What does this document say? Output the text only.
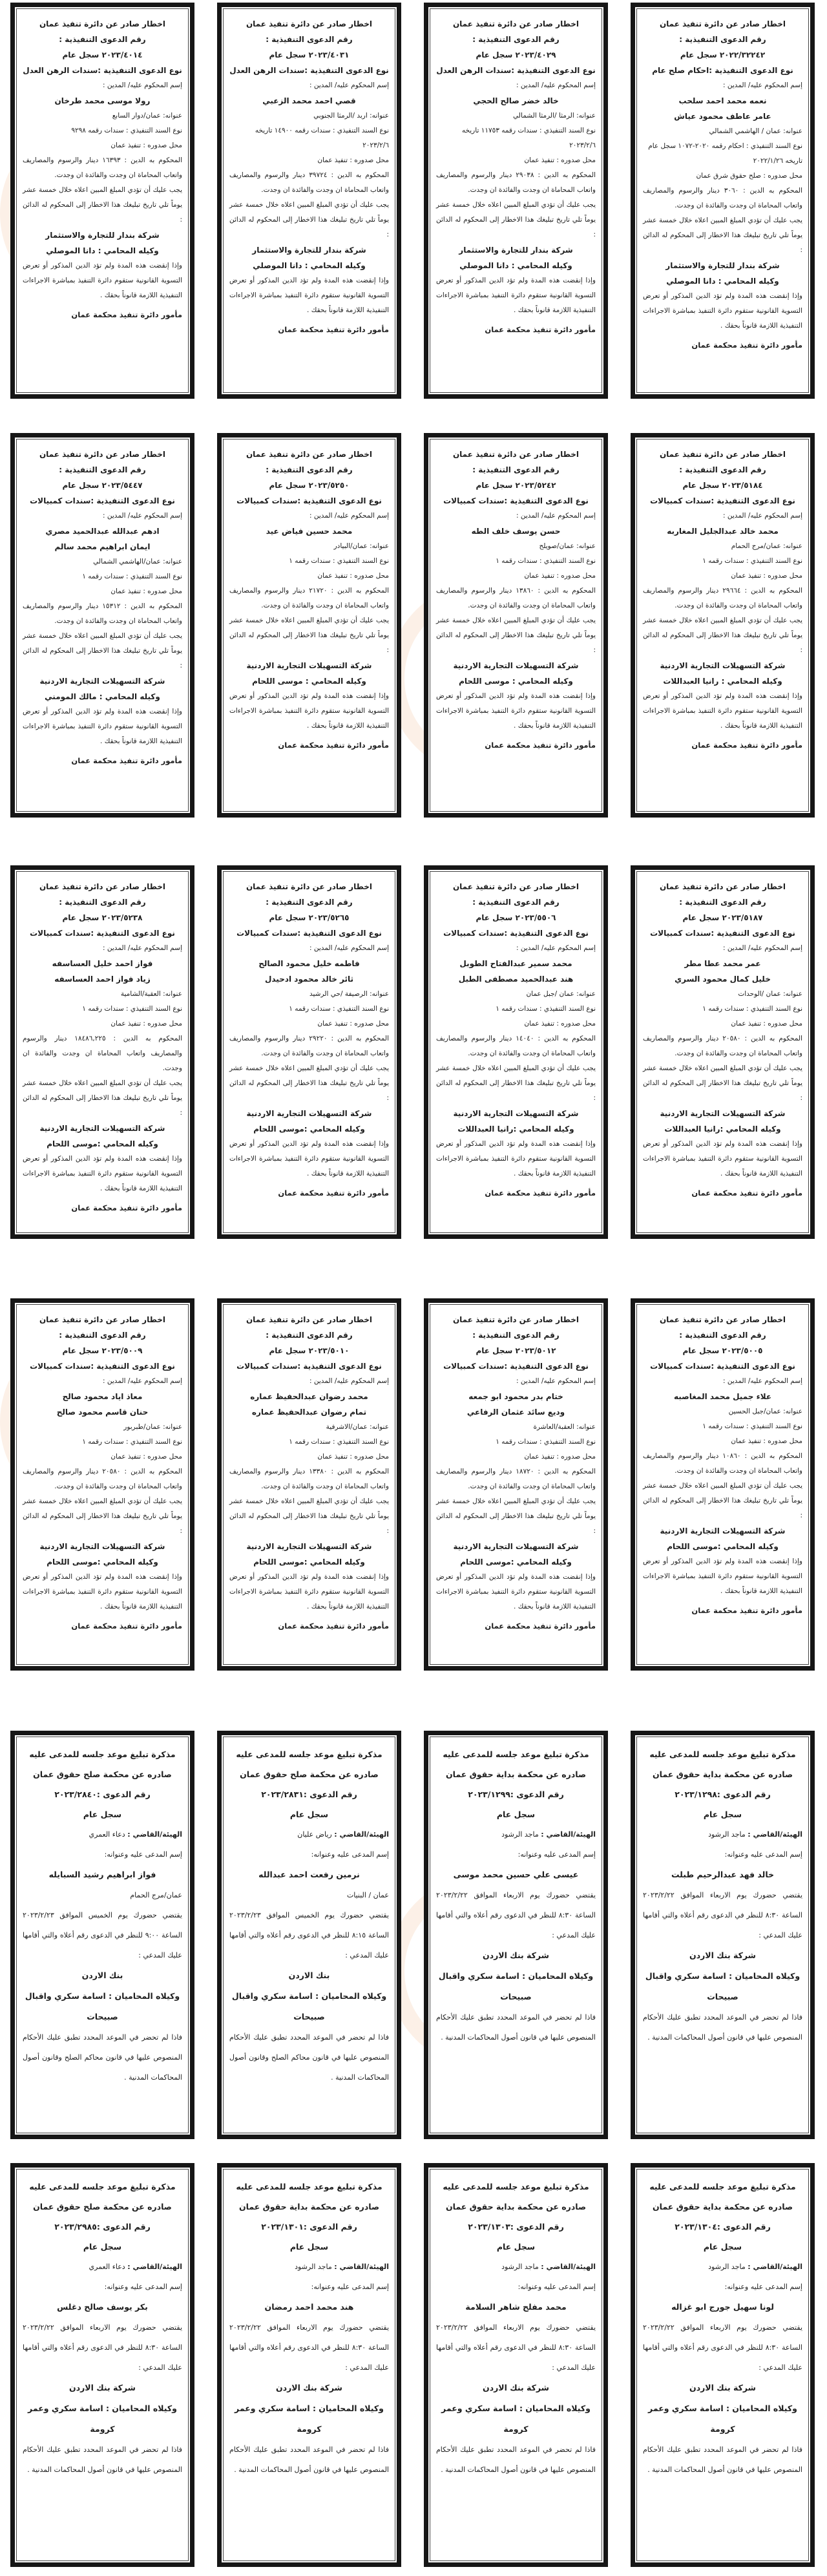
اخطار صادر عن دائرة تنفيذ عمان

رقم الدعوى التنفيذية :

٢٠٢٢/٣٢٢٤٢ سجل عام

نوع الدعوى التنفيذية :احكام صلح عام

إسم المحكوم عليه/ المدين :

نعمه محمد احمد سلحب

عامر عاطف محمود عياش

عنوانه: عمان / الهاشمي الشمالي

نوع السند التنفيذي : احكام رقمه ٢٠٢٠-١٠٧٢ سجل عام تاريخه ٢٠٢٢/١/٢٦

محل صدوره : صلح حقوق شرق عمان

المحكوم به الدين : ٣٠٦٠ دينار والرسوم والمصاريف واتعاب المحاماة ان وجدت والفائدة ان وجدت.

يجب عليك أن تؤدي المبلغ المبين اعلاه خلال خمسة عشر يوماً تلي تاريخ تبليغك هذا الاخطار إلى المحكوم له الدائن :

شركة بندار للتجارة والاستثمار

وكيله المحامي : دانا الموصلي

وإذا إنقضت هذه المدة ولم تؤد الدين المذكور أو تعرض التسوية القانونية ستقوم دائرة التنفيذ بمباشرة الاجراءات التنفيذية اللازمة قانوناً بحقك .

مأمور دائرة تنفيذ محكمة عمان

اخطار صادر عن دائرة تنفيذ عمان

رقم الدعوى التنفيذية :

٢٠٢٣/٤٠٢٩ سجل عام

نوع الدعوى التنفيذية :سندات الرهن العدل

إسم المحكوم عليه/ المدين :

خالد خضر صالح الحجي

عنوانه: الرمثا /الرمثا الشمالي

نوع السند التنفيذي : سندات رقمه ١١٧٥٣ تاريخه ٢٠٢٣/٢/٦

محل صدوره : تنفيذ عمان

المحكوم به الدين : ٢٩٠٣٨ دينار والرسوم والمصاريف واتعاب المحاماة ان وجدت والفائدة ان وجدت.

يجب عليك أن تؤدي المبلغ المبين اعلاه خلال خمسة عشر يوماً تلي تاريخ تبليغك هذا الاخطار إلى المحكوم له الدائن :

شركة بندار للتجارة والاستثمار

وكيله المحامي : دانا الموصلي

وإذا إنقضت هذه المدة ولم تؤد الدين المذكور أو تعرض التسوية القانونية ستقوم دائرة التنفيذ بمباشرة الاجراءات التنفيذية اللازمة قانوناً بحقك .

مأمور دائرة تنفيذ محكمة عمان

اخطار صادر عن دائرة تنفيذ عمان

رقم الدعوى التنفيذية :

٢٠٢٣/٤٠٣١ سجل عام

نوع الدعوى التنفيذية :سندات الرهن العدل

إسم المحكوم عليه/ المدين :

قصي احمد محمد الزعبي

عنوانه: اربد /الرمثا الجنوبي

نوع السند التنفيذي : سندات رقمه ١٤٩٠٠ تاريخه ٢٠٢٣/٢/٦

محل صدوره : تنفيذ عمان

المحكوم به الدين : ٣٩٧٢٤ دينار والرسوم والمصاريف واتعاب المحاماة ان وجدت والفائدة ان وجدت.

يجب عليك أن تؤدي المبلغ المبين اعلاه خلال خمسة عشر يوماً تلي تاريخ تبليغك هذا الاخطار إلى المحكوم له الدائن :

شركة بندار للتجارة والاستثمار

وكيله المحامي : دانا الموصلي

وإذا إنقضت هذه المدة ولم تؤد الدين المذكور أو تعرض التسوية القانونية ستقوم دائرة التنفيذ بمباشرة الاجراءات التنفيذية اللازمة قانوناً بحقك .

مأمور دائرة تنفيذ محكمة عمان

اخطار صادر عن دائرة تنفيذ عمان

رقم الدعوى التنفيذية :

٢٠٢٣/٤٠١٤ سجل عام

نوع الدعوى التنفيذية :سندات الرهن العدل

إسم المحكوم عليه/ المدين :

رولا موسى محمد طرخان

عنوانه: عمان/دوار السابع

نوع السند التنفيذي : سندات رقمه ٩٢٩٨

محل صدوره : تنفيذ عمان

المحكوم به الدين : ١٦٣٩٣ دينار والرسوم والمصاريف واتعاب المحاماة ان وجدت والفائدة ان وجدت.

يجب عليك أن تؤدي المبلغ المبين اعلاه خلال خمسة عشر يوماً تلي تاريخ تبليغك هذا الاخطار إلى المحكوم له الدائن :

شركة بندار للتجارة والاستثمار

وكيله المحامي : دانا الموصلي

وإذا إنقضت هذه المدة ولم تؤد الدين المذكور أو تعرض التسوية القانونية ستقوم دائرة التنفيذ بمباشرة الاجراءات التنفيذية اللازمة قانوناً بحقك .

مأمور دائرة تنفيذ محكمة عمان

اخطار صادر عن دائرة تنفيذ عمان

رقم الدعوى التنفيذية :

٢٠٢٣/٥١٨٤ سجل عام

نوع الدعوى التنفيذية :سندات كمبيالات

إسم المحكوم عليه/ المدين :

محمد خالد عبدالجليل المغاربه

عنوانه: عمان/مرج الحمام

نوع السند التنفيذي : سندات رقمه ١

محل صدوره : تنفيذ عمان

المحكوم به الدين : ٢٩٦٦٤ دينار والرسوم والمصاريف واتعاب المحاماة ان وجدت والفائدة ان وجدت.

يجب عليك أن تؤدي المبلغ المبين اعلاه خلال خمسة عشر يوماً تلي تاريخ تبليغك هذا الاخطار إلى المحكوم له الدائن :

شركة التسهيلات التجارية الاردنية

وكيله المحامي : رانيا العبداللات

وإذا إنقضت هذه المدة ولم تؤد الدين المذكور أو تعرض التسوية القانونية ستقوم دائرة التنفيذ بمباشرة الاجراءات التنفيذية اللازمة قانوناً بحقك .

مأمور دائرة تنفيذ محكمة عمان

اخطار صادر عن دائرة تنفيذ عمان

رقم الدعوى التنفيذية :

٢٠٢٣/٥٢٤٢ سجل عام

نوع الدعوى التنفيذية :سندات كمبيالات

إسم المحكوم عليه/ المدين :

حسن يوسف خلف الطه

عنوانه: عمان/صويلح

نوع السند التنفيذي : سندات رقمه ١

محل صدوره : تنفيذ عمان

المحكوم به الدين : ١٣٨٦٠ دينار والرسوم والمصاريف واتعاب المحاماة ان وجدت والفائدة ان وجدت.

يجب عليك أن تؤدي المبلغ المبين اعلاه خلال خمسة عشر يوماً تلي تاريخ تبليغك هذا الاخطار إلى المحكوم له الدائن :

شركة التسهيلات التجارية الاردنية

وكيله المحامي : موسى اللحام

وإذا إنقضت هذه المدة ولم تؤد الدين المذكور أو تعرض التسوية القانونية ستقوم دائرة التنفيذ بمباشرة الاجراءات التنفيذية اللازمة قانوناً بحقك .

مأمور دائرة تنفيذ محكمة عمان

اخطار صادر عن دائرة تنفيذ عمان

رقم الدعوى التنفيذية :

٢٠٢٣/٥٢٥٠ سجل عام

نوع الدعوى التنفيذية :سندات كمبيالات

إسم المحكوم عليه/ المدين :

محمد حسين فياض عيد

عنوانه: عمان/البيادر

نوع السند التنفيذي : سندات رقمه ١

محل صدوره : تنفيذ عمان

المحكوم به الدين : ٢١٧٢٠ دينار والرسوم والمصاريف واتعاب المحاماة ان وجدت والفائدة ان وجدت.

يجب عليك أن تؤدي المبلغ المبين اعلاه خلال خمسة عشر يوماً تلي تاريخ تبليغك هذا الاخطار إلى المحكوم له الدائن :

شركة التسهيلات التجارية الاردنية

وكيله المحامي : موسى اللحام

وإذا إنقضت هذه المدة ولم تؤد الدين المذكور أو تعرض التسوية القانونية ستقوم دائرة التنفيذ بمباشرة الاجراءات التنفيذية اللازمة قانوناً بحقك .

مأمور دائرة تنفيذ محكمة عمان

اخطار صادر عن دائرة تنفيذ عمان

رقم الدعوى التنفيذية :

٢٠٢٣/٥٤٤٧ سجل عام

نوع الدعوى التنفيذية :سندات كمبيالات

إسم المحكوم عليه/ المدين :

ادهم عبدالله عبدالحميد مصري

ايمان ابراهيم محمد سالم

عنوانه: عمان/الهاشمي الشمالي

نوع السند التنفيذي : سندات رقمه ١

محل صدوره : تنفيذ عمان

المحكوم به الدين : ١٥٣١٢ دينار والرسوم والمصاريف واتعاب المحاماة ان وجدت والفائدة ان وجدت.

يجب عليك أن تؤدي المبلغ المبين اعلاه خلال خمسة عشر يوماً تلي تاريخ تبليغك هذا الاخطار إلى المحكوم له الدائن :

شركة التسهيلات التجارية الاردنية

وكيله المحامي : مالك المومني

وإذا إنقضت هذه المدة ولم تؤد الدين المذكور أو تعرض التسوية القانونية ستقوم دائرة التنفيذ بمباشرة الاجراءات التنفيذية اللازمة قانوناً بحقك .

مأمور دائرة تنفيذ محكمة عمان

اخطار صادر عن دائرة تنفيذ عمان

رقم الدعوى التنفيذية :

٢٠٢٣/٥١٨٧ سجل عام

نوع الدعوى التنفيذية :سندات كمبيالات

إسم المحكوم عليه/ المدين :

عمر محمد عطا مطر

خليل كمال محمود السري

عنوانه: عمان /الوحدات

نوع السند التنفيذي : سندات رقمه ١

محل صدوره : تنفيذ عمان

المحكوم به الدين : ٢٠٥٨٠ دينار والرسوم والمصاريف واتعاب المحاماة ان وجدت والفائدة ان وجدت.

يجب عليك أن تؤدي المبلغ المبين اعلاه خلال خمسة عشر يوماً تلي تاريخ تبليغك هذا الاخطار إلى المحكوم له الدائن :

شركة التسهيلات التجارية الاردنية

وكيله المحامي :رانيا العبداللات

وإذا إنقضت هذه المدة ولم تؤد الدين المذكور أو تعرض التسوية القانونية ستقوم دائرة التنفيذ بمباشرة الاجراءات التنفيذية اللازمة قانوناً بحقك .

مأمور دائرة تنفيذ محكمة عمان

اخطار صادر عن دائرة تنفيذ عمان

رقم الدعوى التنفيذية :

٢٠٢٣/٥٥٠٦ سجل عام

نوع الدعوى التنفيذية :سندات كمبيالات

إسم المحكوم عليه/ المدين :

محمد سمير عبدالفتاح الطوبل

هند عبدالحميد مصطفى الطبل

عنوانه: عمان /جبل عمان

نوع السند التنفيذي : سندات رقمه ١

محل صدوره : تنفيذ عمان

المحكوم به الدين : ١٤٠٤٠ دينار والرسوم والمصاريف واتعاب المحاماة ان وجدت والفائدة ان وجدت.

يجب عليك أن تؤدي المبلغ المبين اعلاه خلال خمسة عشر يوماً تلي تاريخ تبليغك هذا الاخطار إلى المحكوم له الدائن :

شركة التسهيلات التجارية الاردنية

وكيله المحامي :رانيا العبداللات

وإذا إنقضت هذه المدة ولم تؤد الدين المذكور أو تعرض التسوية القانونية ستقوم دائرة التنفيذ بمباشرة الاجراءات التنفيذية اللازمة قانوناً بحقك .

مأمور دائرة تنفيذ محكمة عمان

اخطار صادر عن دائرة تنفيذ عمان

رقم الدعوى التنفيذية :

٢٠٢٣/٥٢٦٥ سجل عام

نوع الدعوى التنفيذية :سندات كمبيالات

إسم المحكوم عليه/ المدين :

فاطمه خليل محمود الصالح

ثائر خالد محمود ادحيدل

عنوانه: الرصيفة /حي الرشيد

نوع السند التنفيذي : سندات رقمه ١

محل صدوره : تنفيذ عمان

المحكوم به الدين : ٢٩٢٢٠ دينار والرسوم والمصاريف واتعاب المحاماة ان وجدت والفائدة ان وجدت.

يجب عليك أن تؤدي المبلغ المبين اعلاه خلال خمسة عشر يوماً تلي تاريخ تبليغك هذا الاخطار إلى المحكوم له الدائن :

شركة التسهيلات التجارية الاردنية

وكيله المحامي :موسى اللحام

وإذا إنقضت هذه المدة ولم تؤد الدين المذكور أو تعرض التسوية القانونية ستقوم دائرة التنفيذ بمباشرة الاجراءات التنفيذية اللازمة قانوناً بحقك .

مأمور دائرة تنفيذ محكمة عمان

اخطار صادر عن دائرة تنفيذ عمان

رقم الدعوى التنفيذية :

٢٠٢٣/٥٢٣٨ سجل عام

نوع الدعوى التنفيذية :سندات كمبيالات

إسم المحكوم عليه/ المدين :

فواز احمد خليل العساسفه

زياد فواز احمد العساسفه

عنوانه: العقبة/الشامية

نوع السند التنفيذي : سندات رقمه ١

محل صدوره : تنفيذ عمان

المحكوم به الدين : ١٨٤٨٦,٢٢٥ دينار والرسوم والمصاريف واتعاب المحاماة ان وجدت والفائدة ان وجدت.

يجب عليك أن تؤدي المبلغ المبين اعلاه خلال خمسة عشر يوماً تلي تاريخ تبليغك هذا الاخطار إلى المحكوم له الدائن :

شركة التسهيلات التجارية الاردنية

وكيله المحامي :موسى اللحام

وإذا إنقضت هذه المدة ولم تؤد الدين المذكور أو تعرض التسوية القانونية ستقوم دائرة التنفيذ بمباشرة الاجراءات التنفيذية اللازمة قانوناً بحقك .

مأمور دائرة تنفيذ محكمة عمان

اخطار صادر عن دائرة تنفيذ عمان

رقم الدعوى التنفيذية :

٢٠٢٣/٥٠٠٥ سجل عام

نوع الدعوى التنفيذية :سندات كمبيالات

إسم المحكوم عليه/ المدين :

علاء جميل محمد المغاصبه

عنوانه: عمان/جبل الحسين

نوع السند التنفيذي : سندات رقمه ١

محل صدوره : تنفيذ عمان

المحكوم به الدين : ١٠٨٦٠ دينار والرسوم والمصاريف واتعاب المحاماة ان وجدت والفائدة ان وجدت.

يجب عليك أن تؤدي المبلغ المبين اعلاه خلال خمسة عشر يوماً تلي تاريخ تبليغك هذا الاخطار إلى المحكوم له الدائن :

شركة التسهيلات التجارية الاردنية

وكيله المحامي :موسى اللحام

وإذا إنقضت هذه المدة ولم تؤد الدين المذكور أو تعرض التسوية القانونية ستقوم دائرة التنفيذ بمباشرة الاجراءات التنفيذية اللازمة قانوناً بحقك .

مأمور دائرة تنفيذ محكمة عمان

اخطار صادر عن دائرة تنفيذ عمان

رقم الدعوى التنفيذية :

٢٠٢٣/٥٠١٢ سجل عام

نوع الدعوى التنفيذية :سندات كمبيالات

إسم المحكوم عليه/ المدين :

ختام بدر محمود ابو جمعه

وديع سائد عثمان الرفاعي

عنوانه: العقبة/العاشرة

نوع السند التنفيذي : سندات رقمه ١

محل صدوره : تنفيذ عمان

المحكوم به الدين : ١٨٧٢٠ دينار والرسوم والمصاريف واتعاب المحاماة ان وجدت والفائدة ان وجدت.

يجب عليك أن تؤدي المبلغ المبين اعلاه خلال خمسة عشر يوماً تلي تاريخ تبليغك هذا الاخطار إلى المحكوم له الدائن :

شركة التسهيلات التجارية الاردنية

وكيله المحامي :موسى اللحام

وإذا إنقضت هذه المدة ولم تؤد الدين المذكور أو تعرض التسوية القانونية ستقوم دائرة التنفيذ بمباشرة الاجراءات التنفيذية اللازمة قانوناً بحقك .

مأمور دائرة تنفيذ محكمة عمان

اخطار صادر عن دائرة تنفيذ عمان

رقم الدعوى التنفيذية :

٢٠٢٣/٥٠١٠ سجل عام

نوع الدعوى التنفيذية :سندات كمبيالات

إسم المحكوم عليه/ المدين :

محمد رضوان عبدالحفيظ عماره

تمام رضوان عبدالحفيظ عماره

عنوانه: عمان/الاشرفية

نوع السند التنفيذي : سندات رقمه ١

محل صدوره : تنفيذ عمان

المحكوم به الدين : ١٣٣٨٠ دينار والرسوم والمصاريف واتعاب المحاماة ان وجدت والفائدة ان وجدت.

يجب عليك أن تؤدي المبلغ المبين اعلاه خلال خمسة عشر يوماً تلي تاريخ تبليغك هذا الاخطار إلى المحكوم له الدائن :

شركة التسهيلات التجارية الاردنية

وكيله المحامي :موسى اللحام

وإذا إنقضت هذه المدة ولم تؤد الدين المذكور أو تعرض التسوية القانونية ستقوم دائرة التنفيذ بمباشرة الاجراءات التنفيذية اللازمة قانوناً بحقك .

مأمور دائرة تنفيذ محكمة عمان

اخطار صادر عن دائرة تنفيذ عمان

رقم الدعوى التنفيذية :

٢٠٢٣/٥٠٠٩ سجل عام

نوع الدعوى التنفيذية :سندات كمبيالات

إسم المحكوم عليه/ المدين :

معاذ اياد محمود صالح

حنان قاسم محمود صالح

عنوانه: عمان/طبربور

نوع السند التنفيذي : سندات رقمه ١

محل صدوره : تنفيذ عمان

المحكوم به الدين : ٢٠٥٨٠ دينار والرسوم والمصاريف واتعاب المحاماة ان وجدت والفائدة ان وجدت.

يجب عليك أن تؤدي المبلغ المبين اعلاه خلال خمسة عشر يوماً تلي تاريخ تبليغك هذا الاخطار إلى المحكوم له الدائن :

شركة التسهيلات التجارية الاردنية

وكيله المحامي :موسى اللحام

وإذا إنقضت هذه المدة ولم تؤد الدين المذكور أو تعرض التسوية القانونية ستقوم دائرة التنفيذ بمباشرة الاجراءات التنفيذية اللازمة قانوناً بحقك .

مأمور دائرة تنفيذ محكمة عمان

مذكرة تبليغ موعد جلسه للمدعى عليه

صادره عن محكمة بداية حقوق عمان

رقم الدعوى :٢٠٢٣/١٢٩٨

سجل عام

الهيئة/القاضي : ماجد الرشود

إسم المدعى عليه وعنوانه:

خالد فهد عبدالرحيم طبلت

يقتضي حضورك يوم الاربعاء الموافق ٢٠٢٣/٢/٢٢ الساعة ٨:٣٠ للنظر في الدعوى رقم أعلاه والتي أقامها عليك المدعي :

شركة بنك الاردن

وكيلاه المحاميان : اسامة سكري واقبال صبيحات

فاذا لم تحضر في الموعد المحدد تطبق عليك الأحكام المنصوص عليها في قانون أصول المحاكمات المدنية .

مذكرة تبليغ موعد جلسه للمدعى عليه

صادره عن محكمة بداية حقوق عمان

رقم الدعوى :٢٠٢٣/١٢٩٩

سجل عام

الهيئة/القاضي : ماجد الرشود

إسم المدعى عليه وعنوانه:

عيسى علي حسين محمد موسى

يقتضي حضورك يوم الاربعاء الموافق ٢٠٢٣/٢/٢٢ الساعة ٨:٣٠ للنظر في الدعوى رقم أعلاه والتي أقامها عليك المدعي :

شركة بنك الاردن

وكيلاه المحاميان : اسامة سكري واقبال صبيحات

فاذا لم تحضر في الموعد المحدد تطبق عليك الأحكام المنصوص عليها في قانون أصول المحاكمات المدنية .

مذكرة تبليغ موعد جلسه للمدعى عليه

صادره عن محكمة صلح حقوق عمان

رقم الدعوى :٢٠٢٣/٢٨٣١

سجل عام

الهيئة/القاضي : رياض عليان

إسم المدعى عليه وعنوانه:

نرمين رفعت احمد عبدالله

عمان / البنيات

يقتضي حضورك يوم الخميس الموافق ٢٠٢٣/٢/٢٣ الساعة ٨:١٥ للنظر في الدعوى رقم أعلاه والتي أقامها عليك المدعي :

بنك الاردن

وكيلاه المحاميان : اسامة سكري واقبال صبيحات

فاذا لم تحضر في الموعد المحدد تطبق عليك الأحكام المنصوص عليها في قانون محاكم الصلح وقانون أصول المحاكمات المدنية .

مذكرة تبليغ موعد جلسه للمدعى عليه

صادره عن محكمة صلح حقوق عمان

رقم الدعوى :٢٠٢٣/٢٨٤٠

سجل عام

الهيئة/القاضي : دعاء العمري

إسم المدعى عليه وعنوانه:

فواز ابراهيم رشيد السبايله

عمان/مرج الحمام

يقتضي حضورك يوم الخميس الموافق ٢٠٢٣/٢/٢٣ الساعة ٩:٠٠ للنظر في الدعوى رقم أعلاه والتي أقامها عليك المدعي :

بنك الاردن

وكيلاه المحاميان : اسامة سكري واقبال صبيحات

فاذا لم تحضر في الموعد المحدد تطبق عليك الأحكام المنصوص عليها في قانون محاكم الصلح وقانون أصول المحاكمات المدنية .

مذكرة تبليغ موعد جلسه للمدعى عليه

صادره عن محكمة بداية حقوق عمان

رقم الدعوى :٢٠٢٣/١٣٠٤

سجل عام

الهيئة/القاضي : ماجد الرشود

إسم المدعى عليه وعنوانه:

لونا سهيل جورج ابو غزاله

يقتضي حضورك يوم الاربعاء الموافق ٢٠٢٣/٢/٢٢ الساعة ٨:٣٠ للنظر في الدعوى رقم أعلاه والتي أقامها عليك المدعي :

شركة بنك الاردن

وكيلاه المحاميان : اسامة سكري وعمر كرومة

فاذا لم تحضر في الموعد المحدد تطبق عليك الأحكام المنصوص عليها في قانون أصول المحاكمات المدنية .

مذكرة تبليغ موعد جلسه للمدعى عليه

صادره عن محكمة بداية حقوق عمان

رقم الدعوى :٢٠٢٣/١٣٠٣

سجل عام

الهيئة/القاضي : ماجد الرشود

إسم المدعى عليه وعنوانه:

محمد مفلح شاهر السلامة

يقتضي حضورك يوم الاربعاء الموافق ٢٠٢٣/٢/٢٢ الساعة ٨:٣٠ للنظر في الدعوى رقم أعلاه والتي أقامها عليك المدعي :

شركة بنك الاردن

وكيلاه المحاميان : اسامة سكري وعمر كرومة

فاذا لم تحضر في الموعد المحدد تطبق عليك الأحكام المنصوص عليها في قانون أصول المحاكمات المدنية .

مذكرة تبليغ موعد جلسه للمدعى عليه

صادره عن محكمة بداية حقوق عمان

رقم الدعوى :٢٠٢٣/١٣٠١

سجل عام

الهيئة/القاضي : ماجد الرشود

إسم المدعى عليه وعنوانه:

هند محمد احمد رمضان

يقتضي حضورك يوم الاربعاء الموافق ٢٠٢٣/٢/٢٢ الساعة ٨:٣٠ للنظر في الدعوى رقم أعلاه والتي أقامها عليك المدعي :

شركة بنك الاردن

وكيلاه المحاميان : اسامة سكري وعمر كرومة

فاذا لم تحضر في الموعد المحدد تطبق عليك الأحكام المنصوص عليها في قانون أصول المحاكمات المدنية .

مذكرة تبليغ موعد جلسه للمدعى عليه

صادره عن محكمة صلح حقوق عمان

رقم الدعوى :٢٠٢٣/٢٩٨٥

سجل عام

الهيئة/القاضي : دعاء العمري

إسم المدعى عليه وعنوانه:

بكر يوسف صالح دغلس

يقتضي حضورك يوم الاربعاء الموافق ٢٠٢٣/٢/٢٢ الساعة ٨:٣٠ للنظر في الدعوى رقم أعلاه والتي أقامها عليك المدعي :

شركة بنك الاردن

وكيلاه المحاميان : اسامة سكري وعمر كرومة

فاذا لم تحضر في الموعد المحدد تطبق عليك الأحكام المنصوص عليها في قانون أصول المحاكمات المدنية .
